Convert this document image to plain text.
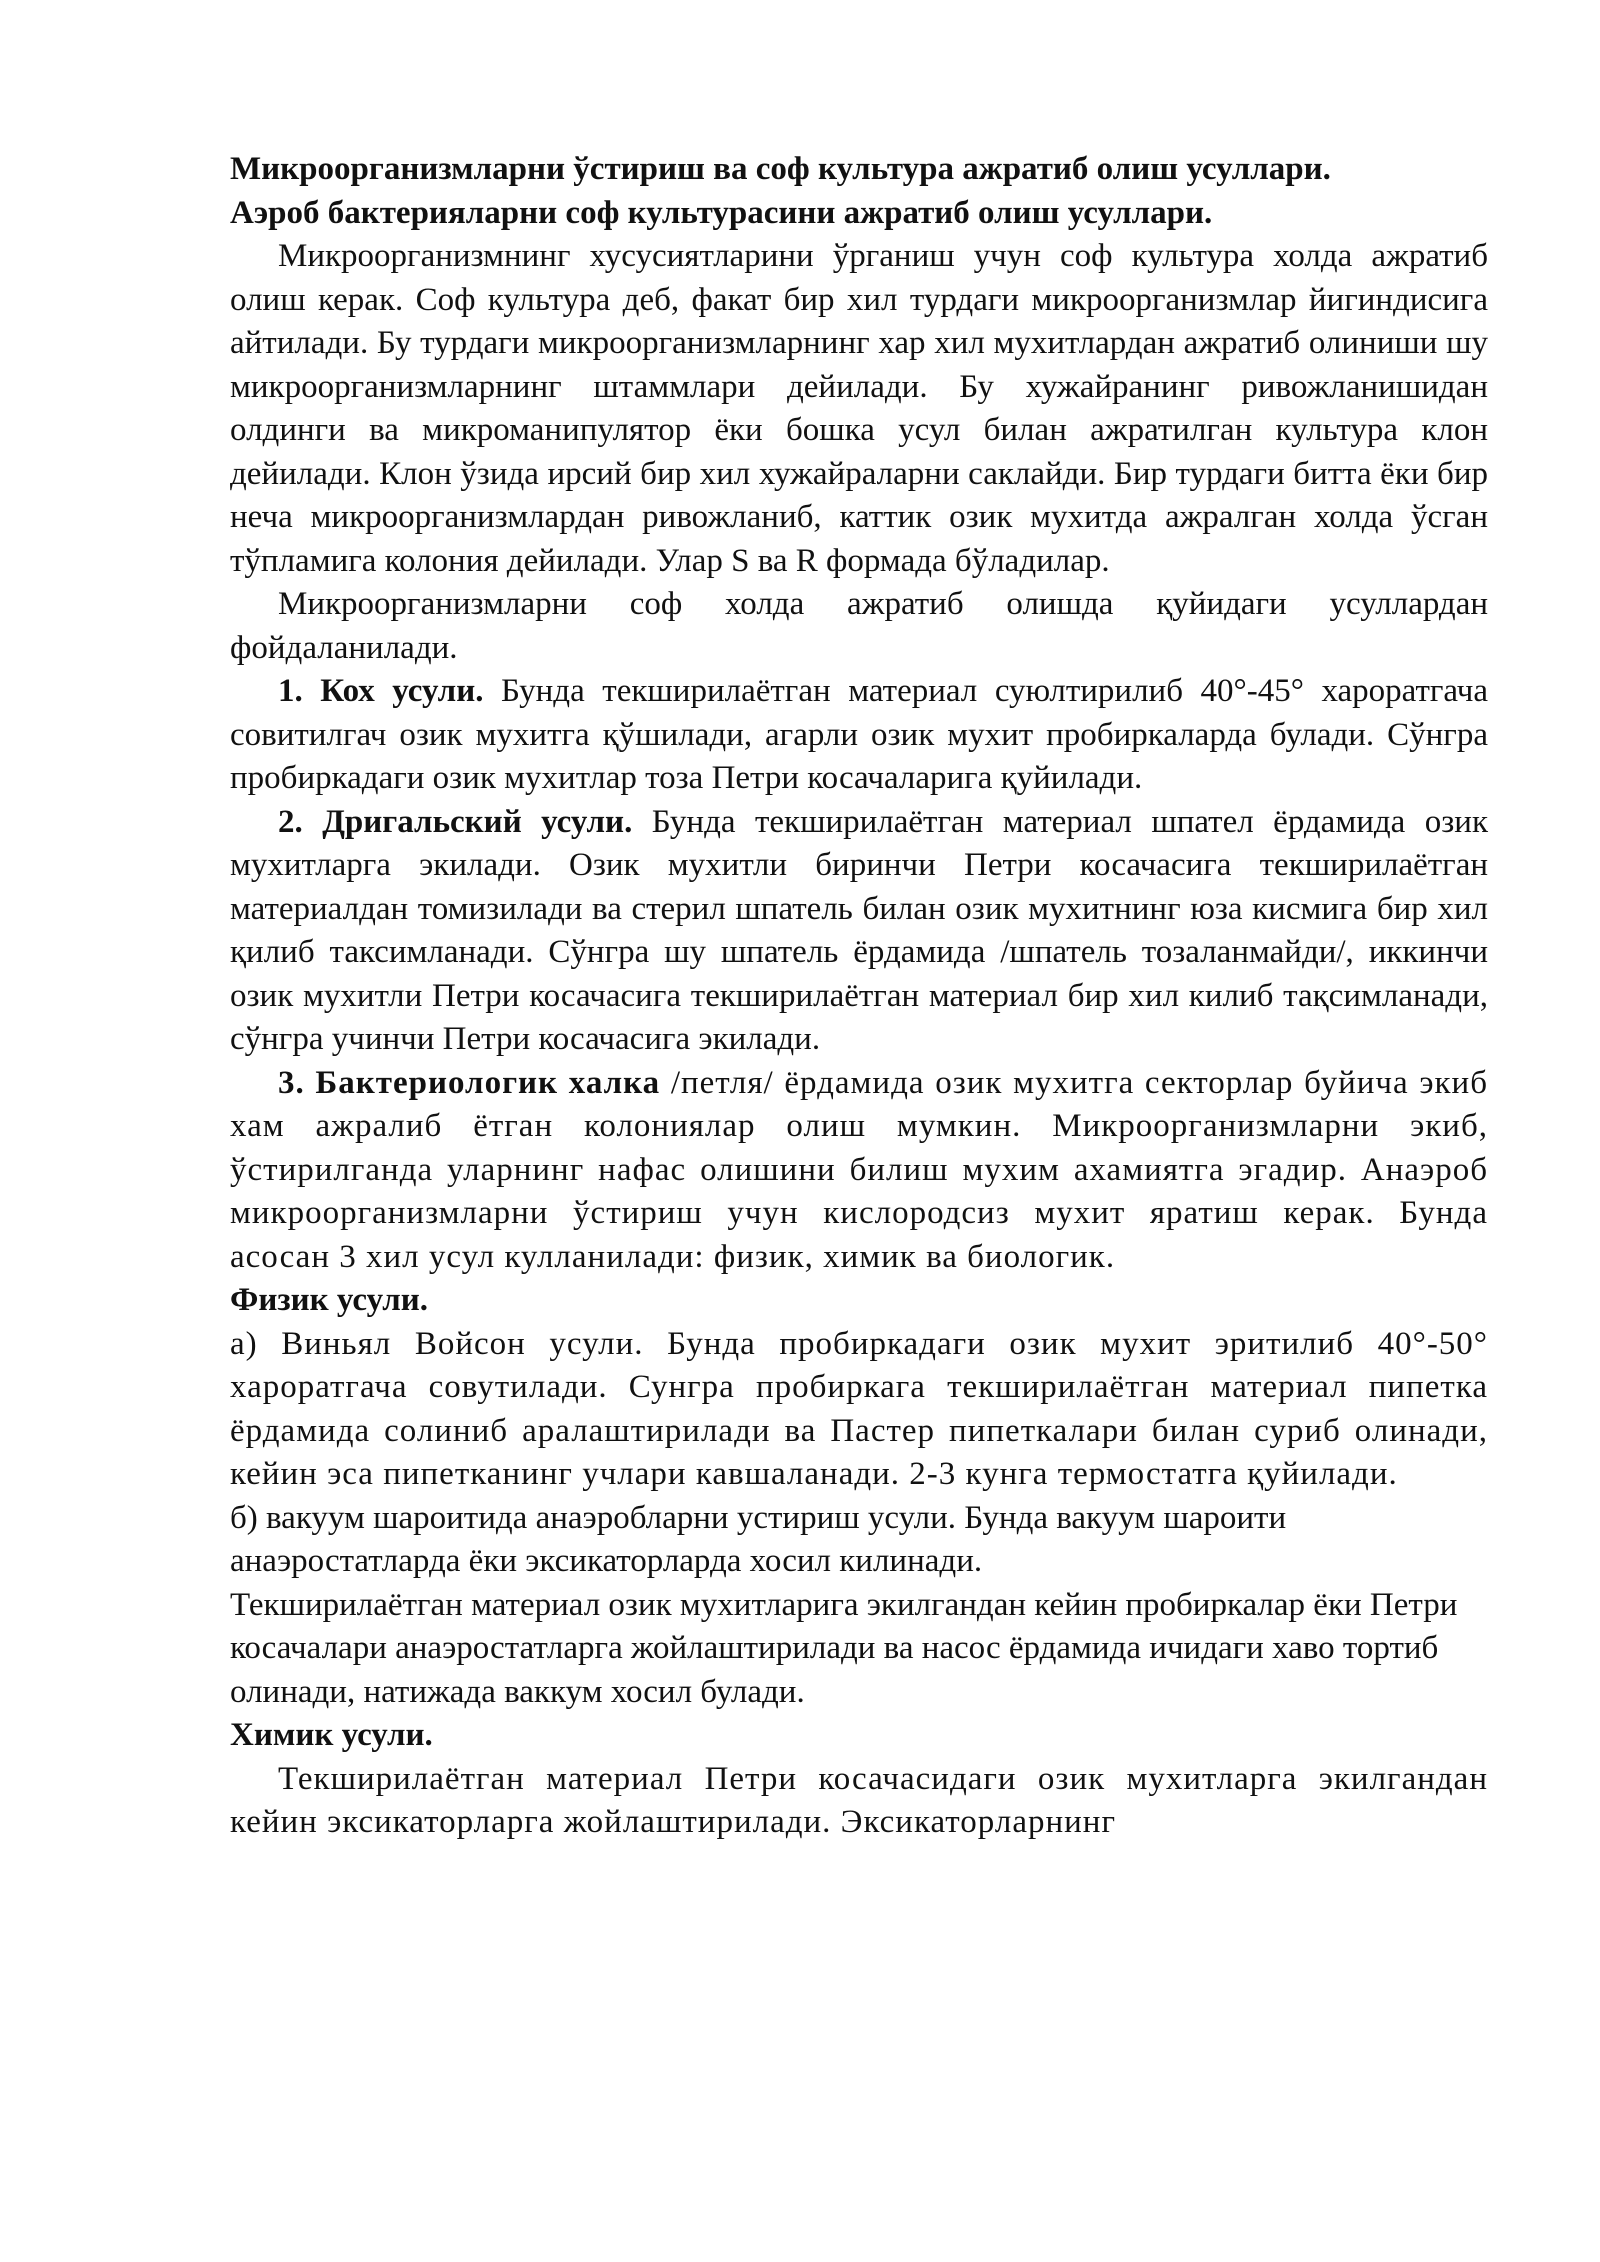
Микроорганизмларни ўстириш ва соф культура ажратиб олиш усуллари.

Аэроб бактерияларни соф культурасини ажратиб олиш усуллари.

Микроорганизмнинг хусусиятларини ўрганиш учун соф культура холда ажратиб олиш керак. Соф культура деб, факат бир хил турдаги микроорганизмлар йигиндисига айтилади. Бу турдаги микроорганизмларнинг хар хил мухитлардан ажратиб олиниши шу микроорганизмларнинг штаммлари дейилади. Бу хужайранинг ривожланишидан олдинги ва микроманипулятор ёки бошка усул билан ажратилган культура клон дейилади. Клон ўзида ирсий бир хил хужайраларни саклайди. Бир турдаги битта ёки бир неча микроорганизмлардан ривожланиб, каттик озик мухитда ажралган холда ўсган тўпламига колония дейилади. Улар S ва R формада бўладилар.

Микроорганизмларни соф холда ажратиб олишда қуйидаги усуллардан фойдаланилади.

1. Кох усули. Бунда текширилаётган материал суюлтирилиб 40°-45° хароратгача совитилгач озик мухитга қўшилади, агарли озик мухит пробиркаларда булади. Сўнгра пробиркадаги озик мухитлар тоза Петри косачаларига қуйилади.

2. Дригальский усули. Бунда текширилаётган материал шпател ёрдамида озик мухитларга экилади. Озик мухитли биринчи Петри косачасига текширилаётган материалдан томизилади ва стерил шпатель билан озик мухитнинг юза кисмига бир хил қилиб таксимланади. Сўнгра шу шпатель ёрдамида /шпатель тозаланмайди/, иккинчи озик мухитли Петри косачасига текширилаётган материал бир хил килиб тақсимланади, сўнгра учинчи Петри косачасига экилади.

3. Бактериологик халка /петля/ ёрдамида озик мухитга секторлар буйича экиб хам ажралиб ётган колониялар олиш мумкин. Микроорганизмларни экиб, ўстирилганда уларнинг нафас олишини билиш мухим ахамиятга эгадир. Анаэроб микроорганизмларни ўстириш учун кислородсиз мухит яратиш керак. Бунда асосан 3 хил усул кулланилади: физик, химик ва биологик.

Физик усули.

а) Виньял Войсон усули. Бунда пробиркадаги озик мухит эритилиб 40°-50° хароратгача совутилади. Сунгра пробиркага текширилаётган материал пипетка ёрдамида солиниб аралаштирилади ва Пастер пипеткалари билан суриб олинади, кейин эса пипетканинг учлари кавшаланади. 2-3 кунга термостатга қуйилади.

б) вакуум шароитида анаэробларни устириш усули. Бунда вакуум шароити анаэростатларда ёки эксикаторларда хосил килинади.

Текширилаётган материал озик мухитларига экилгандан кейин пробиркалар ёки Петри косачалари анаэростатларга жойлаштирилади ва насос ёрдамида ичидаги хаво тортиб олинади, натижада ваккум хосил булади.

Химик усули.

Текширилаётган материал Петри косачасидаги озик мухитларга экилгандан кейин эксикаторларга жойлаштирилади. Эксикаторларнинг
